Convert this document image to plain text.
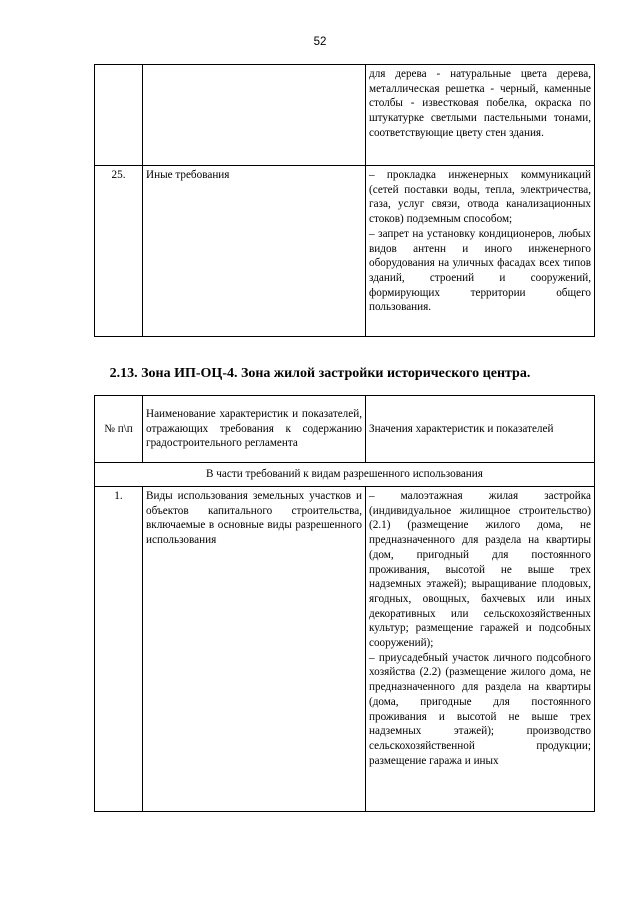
52
		для дерева - натуральные цвета дерева, металлическая решетка - черный, каменные столбы - известковая побелка, окраска по штукатурке светлыми пастельными тонами, соответствующие цвету стен здания.
25.	Иные требования	– прокладка инженерных коммуникаций (сетей поставки воды, тепла, электричества, газа, услуг связи, отвода канализационных стоков) подземным способом;
– запрет на установку кондиционеров, любых видов антенн и иного инженерного оборудования на уличных фасадах всех типов зданий, строений и сооружений, формирующих территории общего пользования.
2.13. Зона ИП-ОЦ-4. Зона жилой застройки исторического центра.
№ п\п	Наименование характеристик и показателей, отражающих требования к содержанию градостроительного регламента	Значения характеристик и показателей
В части требований к видам разрешенного использования		
1.	Виды использования земельных участков и объектов капитального строительства, включаемые в основные виды разрешенного использования	– малоэтажная жилая застройка (индивидуальное жилищное строительство) (2.1) (размещение жилого дома, не предназначенного для раздела на квартиры (дом, пригодный для постоянного проживания, высотой не выше трех надземных этажей); выращивание плодовых, ягодных, овощных, бахчевых или иных декоративных или сельскохозяйственных культур; размещение гаражей и подсобных сооружений);
– приусадебный участок личного подсобного хозяйства (2.2) (размещение жилого дома, не предназначенного для раздела на квартиры (дома, пригодные для постоянного проживания и высотой не выше трех надземных этажей); производство сельскохозяйственной продукции; размещение гаража и иных
